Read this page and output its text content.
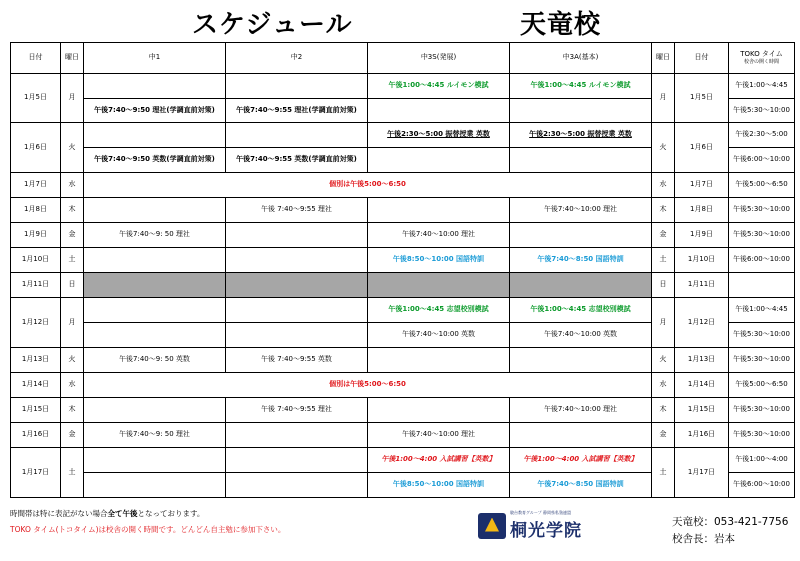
スケジュール	天竜校
日付	曜日	中1	中2	中3S(発展)	中3A(基本)	曜日	日付	TOKO タイム
校舎の開く時間

1月5日	月			午後1:00～4:45 ルイモン模試	午後1:00～4:45 ルイモン模試	月	1月5日	午後1:00～4:45
		午後7:40～9:50 理社(学調直前対策)	午後7:40～9:55 理社(学調直前対策)					午後5:30～10:00
1月6日	火			午後2:30～5:00 振替授業 英数	午後2:30～5:00 振替授業 英数	火	1月6日	午後2:30～5:00
		午後7:40～9:50 英数(学調直前対策)	午後7:40～9:55 英数(学調直前対策)					午後6:00～10:00
1月7日	水	個別は午後5:00～6:50				水	1月7日	午後5:00～6:50
1月8日	木		午後 7:40～9:55 理社		午後7:40～10:00 理社	木	1月8日	午後5:30～10:00
1月9日	金	午後7:40～9: 50 理社		午後7:40～10:00 理社		金	1月9日	午後5:30～10:00
1月10日	土			午後8:50～10:00 国語特訓	午後7:40～8:50 国語特訓	土	1月10日	午後6:00～10:00
1月11日	日					日	1月11日	
1月12日	月			午後1:00～4:45 志望校別模試	午後1:00～4:45 志望校別模試	月	1月12日	午後1:00～4:45
				午後7:40～10:00 英数	午後7:40～10:00 英数			午後5:30～10:00
1月13日	火	午後7:40～9: 50 英数	午後 7:40～9:55 英数			火	1月13日	午後5:30～10:00
1月14日	水	個別は午後5:00～6:50				水	1月14日	午後5:00～6:50
1月15日	木		午後 7:40～9:55 理社		午後7:40～10:00 理社	木	1月15日	午後5:30～10:00
1月16日	金	午後7:40～9: 50 理社		午後7:40～10:00 理社		金	1月16日	午後5:30～10:00
1月17日	土			午後1:00～4:00 入試講習【英数】	午後1:00～4:00 入試講習【英数】	土	1月17日	午後1:00～4:00
				午後8:50～10:00 国語特訓	午後7:40～8:50 国語特訓			午後6:00～10:00
時間帯は特に表記がない場合全て午後となっております。
TOKO タイム(トコタイム)は校舎の開く時間です。どんどん自主勉に参加下さい。
駿台教育グループ 静岡県私塾連盟
桐光学院	天竜校：053-421-7756
校舎長：岩本
